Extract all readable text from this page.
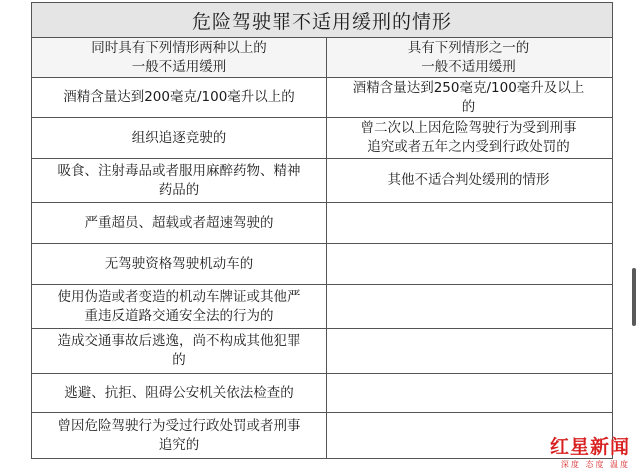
危险驾驶罪不适用缓刑的情形
同时具有下列情形两种以上的
一般不适用缓刑
具有下列情形之一的
一般不适用缓刑
酒精含量达到200毫克/100毫升以上的
酒精含量达到250毫克/100毫升及以上
的
组织追逐竞驶的
曾二次以上因危险驾驶行为受到刑事
追究或者五年之内受到行政处罚的
吸食、注射毒品或者服用麻醉药物、精神
药品的
其他不适合判处缓刑的情形
严重超员、超载或者超速驾驶的
无驾驶资格驾驶机动车的
使用伪造或者变造的机动车牌证或其他严
重违反道路交通安全法的行为的
造成交通事故后逃逸，尚不构成其他犯罪
的
逃避、抗拒、阻碍公安机关依法检查的
曾因危险驾驶行为受过行政处罚或者刑事
追究的	红星新闻
深度 态度 温度
